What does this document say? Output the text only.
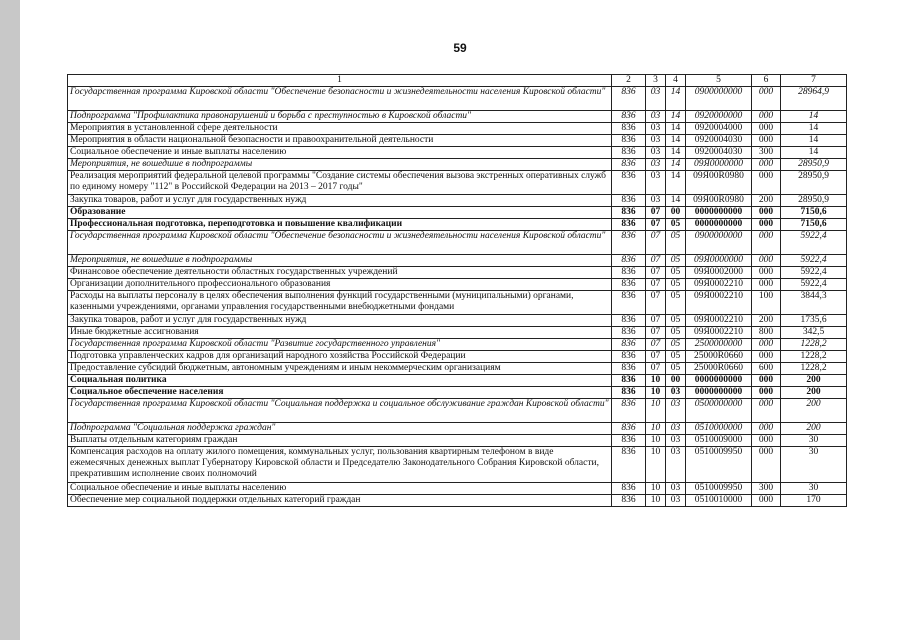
59
1	2	3	4	5	6	7
Государственная программа Кировской области "Обеспечение безопасности и жизнедеятельности населения Кировской области"	836	03	14	0900000000	000	28964,9
Подпрограмма "Профилактика правонарушений и борьба с преступностью в Кировской области"	836	03	14	0920000000	000	14
Мероприятия в установленной сфере деятельности	836	03	14	0920004000	000	14
Мероприятия в области национальной безопасности и правоохранительной деятельности	836	03	14	0920004030	000	14
Социальное обеспечение и иные выплаты населению	836	03	14	0920004030	300	14
Мероприятия, не вошедшие в подпрограммы	836	03	14	09Я0000000	000	28950,9
Реализация мероприятий федеральной целевой программы "Создание системы обеспечения вызова экстренных оперативных служб по единому номеру "112" в Российской Федерации на 2013 – 2017 годы"	836	03	14	09Я00R0980	000	28950,9
Закупка товаров, работ и услуг для государственных нужд	836	03	14	09Я00R0980	200	28950,9
Образование	836	07	00	0000000000	000	7150,6
Профессиональная подготовка, переподготовка и повышение квалификации	836	07	05	0000000000	000	7150,6
Государственная программа Кировской области "Обеспечение безопасности и жизнедеятельности населения Кировской области"	836	07	05	0900000000	000	5922,4
Мероприятия, не вошедшие в подпрограммы	836	07	05	09Я0000000	000	5922,4
Финансовое обеспечение деятельности областных государственных учреждений	836	07	05	09Я0002000	000	5922,4
Организации дополнительного профессионального образования	836	07	05	09Я0002210	000	5922,4
Расходы на выплаты персоналу в целях обеспечения выполнения функций государственными (муниципальными) органами, казенными учреждениями, органами управления государственными внебюджетными фондами	836	07	05	09Я0002210	100	3844,3
Закупка товаров, работ и услуг для государственных нужд	836	07	05	09Я0002210	200	1735,6
Иные бюджетные ассигнования	836	07	05	09Я0002210	800	342,5
Государственная программа Кировской области "Развитие государственного управления"	836	07	05	2500000000	000	1228,2
Подготовка управленческих кадров для организаций народного хозяйства Российской Федерации	836	07	05	25000R0660	000	1228,2
Предоставление субсидий бюджетным, автономным учреждениям и иным некоммерческим организациям	836	07	05	25000R0660	600	1228,2
Социальная политика	836	10	00	0000000000	000	200
Социальное обеспечение населения	836	10	03	0000000000	000	200
Государственная программа Кировской области "Социальная поддержка и социальное обслуживание граждан Кировской области"	836	10	03	0500000000	000	200
Подпрограмма "Социальная поддержка граждан"	836	10	03	0510000000	000	200
Выплаты отдельным категориям граждан	836	10	03	0510009000	000	30
Компенсация расходов на оплату жилого помещения, коммунальных услуг, пользования квартирным телефоном в виде ежемесячных денежных выплат Губернатору Кировской области и Председателю Законодательного Собрания Кировской области, прекратившим исполнение своих полномочий	836	10	03	0510009950	000	30
Социальное обеспечение и иные выплаты населению	836	10	03	0510009950	300	30
Обеспечение мер социальной поддержки отдельных категорий граждан	836	10	03	0510010000	000	170
